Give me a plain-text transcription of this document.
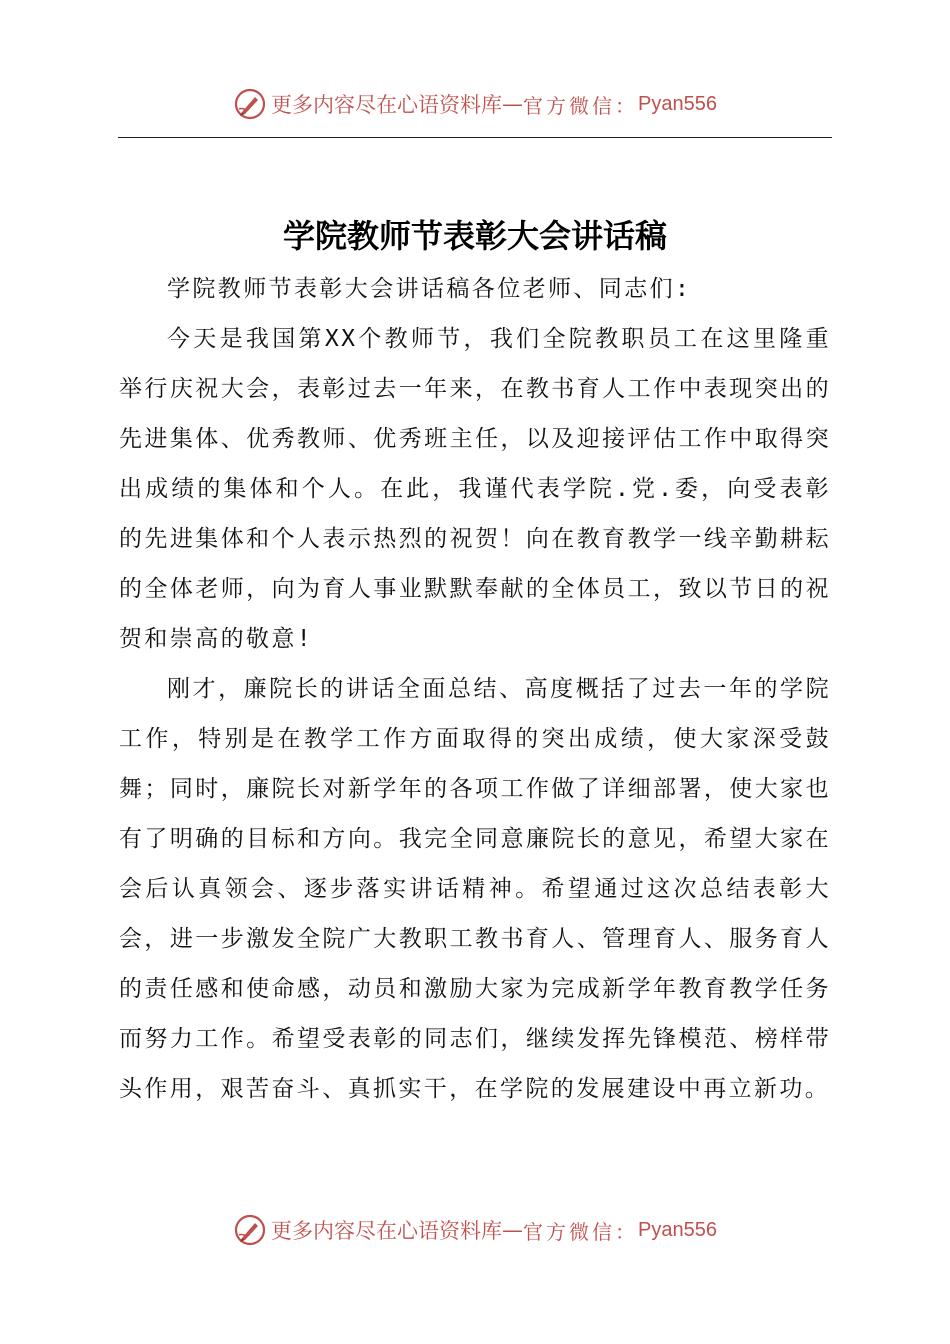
更多内容尽在心语资料库 — 官方微信： Pyan556
学院教师节表彰大会讲话稿

学院教师节表彰大会讲话稿各位老师、同志们:

今天是我国第XX个教师节，我们全院教职员工在这里隆重举行庆祝大会，表彰过去一年来，在教书育人工作中表现突出的先进集体、优秀教师、优秀班主任，以及迎接评估工作中取得突出成绩的集体和个人。在此，我谨代表学院.党.委，向受表彰的先进集体和个人表示热烈的祝贺！向在教育教学一线辛勤耕耘的全体老师，向为育人事业默默奉献的全体员工，致以节日的祝贺和崇高的敬意!

刚才，廉院长的讲话全面总结、高度概括了过去一年的学院工作，特别是在教学工作方面取得的突出成绩，使大家深受鼓舞；同时，廉院长对新学年的各项工作做了详细部署，使大家也有了明确的目标和方向。我完全同意廉院长的意见，希望大家在会后认真领会、逐步落实讲话精神。希望通过这次总结表彰大会，进一步激发全院广大教职工教书育人、管理育人、服务育人的责任感和使命感，动员和激励大家为完成新学年教育教学任务而努力工作。希望受表彰的同志们，继续发挥先锋模范、榜样带头作用，艰苦奋斗、真抓实干，在学院的发展建设中再立新功。

更多内容尽在心语资料库 — 官方微信： Pyan556
